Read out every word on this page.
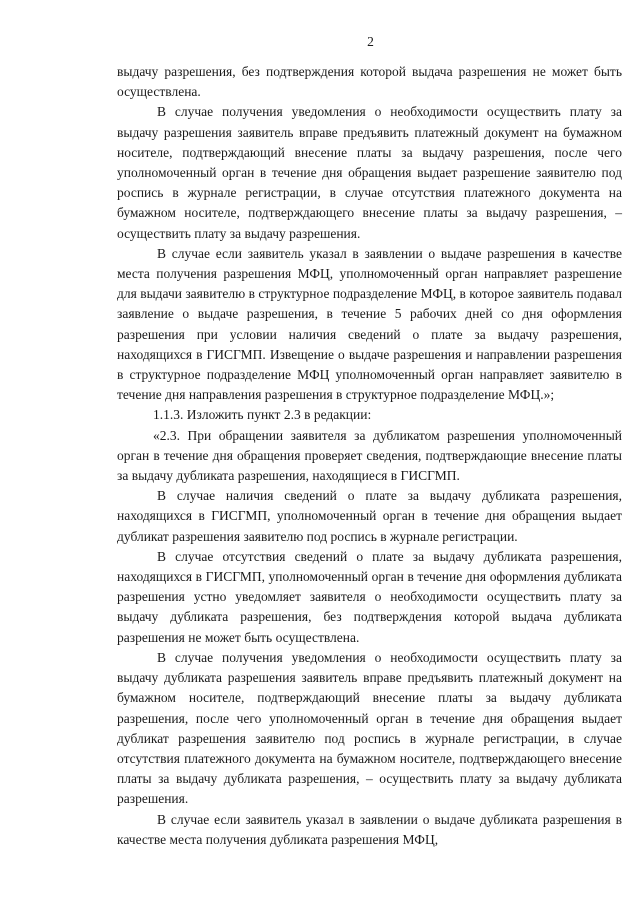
2

выдачу разрешения, без подтверждения которой выдача разрешения не может быть осуществлена.

В случае получения уведомления о необходимости осуществить плату за выдачу разрешения заявитель вправе предъявить платежный документ на бумажном носителе, подтверждающий внесение платы за выдачу разрешения, после чего уполномоченный орган в течение дня обращения выдает разрешение заявителю под роспись в журнале регистрации, в случае отсутствия платежного документа на бумажном носителе, подтверждающего внесение платы за выдачу разрешения, – осуществить плату за выдачу разрешения.

В случае если заявитель указал в заявлении о выдаче разрешения в качестве места получения разрешения МФЦ, уполномоченный орган направляет разрешение для выдачи заявителю в структурное подразделение МФЦ, в которое заявитель подавал заявление о выдаче разрешения, в течение 5 рабочих дней со дня оформления разрешения при условии наличия сведений о плате за выдачу разрешения, находящихся в ГИСГМП. Извещение о выдаче разрешения и направлении разрешения в структурное подразделение МФЦ уполномоченный орган направляет заявителю в течение дня направления разрешения в структурное подразделение МФЦ.»;

1.1.3. Изложить пункт 2.3 в редакции:

«2.3. При обращении заявителя за дубликатом разрешения уполномоченный орган в течение дня обращения проверяет сведения, подтверждающие внесение платы за выдачу дубликата разрешения, находящиеся в ГИСГМП.

В случае наличия сведений о плате за выдачу дубликата разрешения, находящихся в ГИСГМП, уполномоченный орган в течение дня обращения выдает дубликат разрешения заявителю под роспись в журнале регистрации.

В случае отсутствия сведений о плате за выдачу дубликата разрешения, находящихся в ГИСГМП, уполномоченный орган в течение дня оформления дубликата разрешения устно уведомляет заявителя о необходимости осуществить плату за выдачу дубликата разрешения, без подтверждения которой выдача дубликата разрешения не может быть осуществлена.

В случае получения уведомления о необходимости осуществить плату за выдачу дубликата разрешения заявитель вправе предъявить платежный документ на бумажном носителе, подтверждающий внесение платы за выдачу дубликата разрешения, после чего уполномоченный орган в течение дня обращения выдает дубликат разрешения заявителю под роспись в журнале регистрации, в случае отсутствия платежного документа на бумажном носителе, подтверждающего внесение платы за выдачу дубликата разрешения, – осуществить плату за выдачу дубликата разрешения.

В случае если заявитель указал в заявлении о выдаче дубликата разрешения в качестве места получения дубликата разрешения МФЦ,
